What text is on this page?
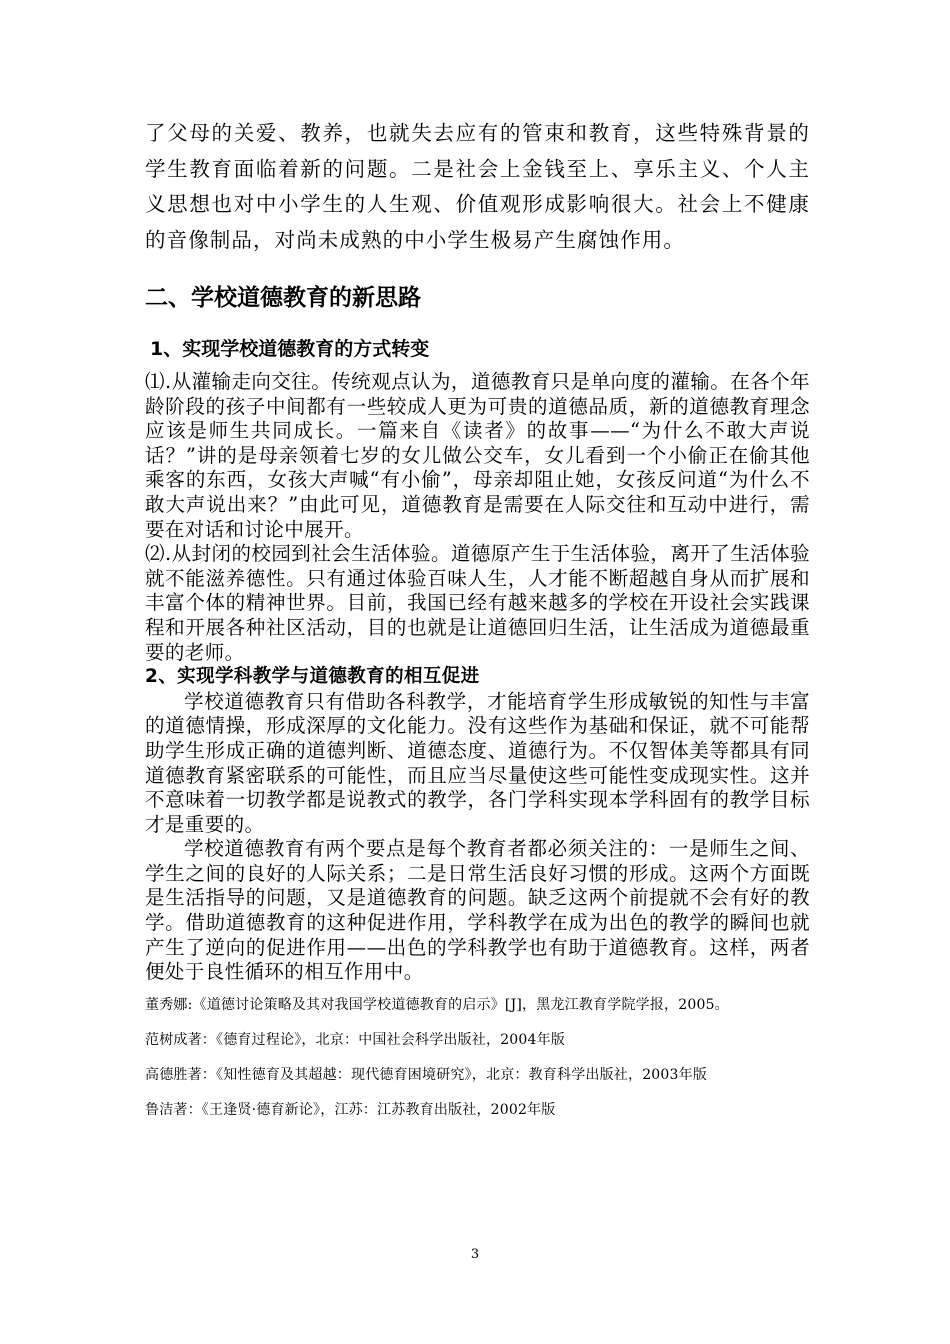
了父母的关爱、教养，也就失去应有的管束和教育，这些特殊背景的学生教育面临着新的问题。二是社会上金钱至上、享乐主义、个人主义思想也对中小学生的人生观、价值观形成影响很大。社会上不健康的音像制品，对尚未成熟的中小学生极易产生腐蚀作用。
二、学校道德教育的新思路
1、实现学校道德教育的方式转变

⑴.从灌输走向交往。传统观点认为，道德教育只是单向度的灌输。在各个年龄阶段的孩子中间都有一些较成人更为可贵的道德品质，新的道德教育理念应该是师生共同成长。一篇来自《读者》的故事——“为什么不敢大声说话？”讲的是母亲领着七岁的女儿做公交车，女儿看到一个小偷正在偷其他乘客的东西，女孩大声喊“有小偷”，母亲却阻止她，女孩反问道“为什么不敢大声说出来？”由此可见，道德教育是需要在人际交往和互动中进行，需要在对话和讨论中展开。

⑵.从封闭的校园到社会生活体验。道德原产生于生活体验，离开了生活体验就不能滋养德性。只有通过体验百味人生，人才能不断超越自身从而扩展和丰富个体的精神世界。目前，我国已经有越来越多的学校在开设社会实践课程和开展各种社区活动，目的也就是让道德回归生活，让生活成为道德最重要的老师。

2、实现学科教学与道德教育的相互促进

学校道德教育只有借助各科教学，才能培育学生形成敏锐的知性与丰富的道德情操，形成深厚的文化能力。没有这些作为基础和保证，就不可能帮助学生形成正确的道德判断、道德态度、道德行为。不仅智体美等都具有同道德教育紧密联系的可能性，而且应当尽量使这些可能性变成现实性。这并不意味着一切教学都是说教式的教学，各门学科实现本学科固有的教学目标才是重要的。

学校道德教育有两个要点是每个教育者都必须关注的：一是师生之间、学生之间的良好的人际关系；二是日常生活良好习惯的形成。这两个方面既是生活指导的问题，又是道德教育的问题。缺乏这两个前提就不会有好的教学。借助道德教育的这种促进作用，学科教学在成为出色的教学的瞬间也就产生了逆向的促进作用——出色的学科教学也有助于道德教育。这样，两者便处于良性循环的相互作用中。

董秀娜:《道德讨论策略及其对我国学校道德教育的启示》[J]，黑龙江教育学院学报，2005。
范树成著：《德育过程论》，北京：中国社会科学出版社，2004年版
高德胜著：《知性德育及其超越：现代德育困境研究》，北京：教育科学出版社，2003年版
鲁洁著：《王逢贤·德育新论》，江苏：江苏教育出版社，2002年版
3
